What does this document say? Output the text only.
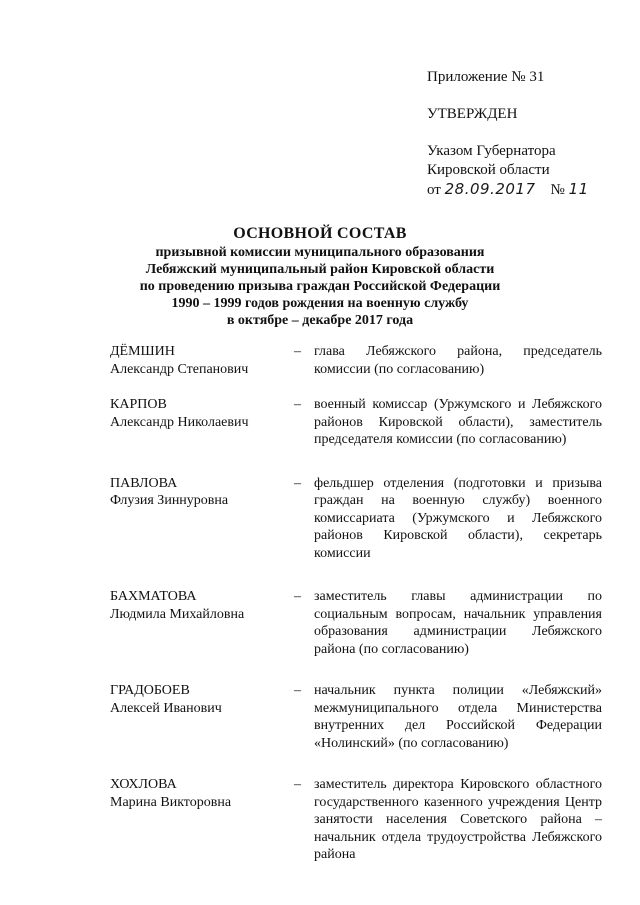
Приложение № 31
УТВЕРЖДЕН
Указом Губернатора
Кировской области
от 28.09.2017 № 11
ОСНОВНОЙ СОСТАВ
призывной комиссии муниципального образования
Лебяжский муниципальный район Кировской области
по проведению призыва граждан Российской Федерации
1990 – 1999 годов рождения на военную службу
в октябре – декабре 2017 года
ДЁМШИН
Александр Степанович
– глава Лебяжского района, председатель комиссии (по согласованию)
КАРПОВ
Александр Николаевич
– военный комиссар (Уржумского и Лебяжского районов Кировской области), заместитель председателя комиссии (по согласованию)
ПАВЛОВА
Флузия Зиннуровна
– фельдшер отделения (подготовки и призыва граждан на военную службу) военного комиссариата (Уржумского и Лебяжского районов Кировской области), секретарь комиссии
БАХМАТОВА
Людмила Михайловна
– заместитель главы администрации по социальным вопросам, начальник управления образования администрации Лебяжского района (по согласованию)
ГРАДОБОЕВ
Алексей Иванович
– начальник пункта полиции «Лебяжский» межмуниципального отдела Министерства внутренних дел Российской Федерации «Нолинский» (по согласованию)
ХОХЛОВА
Марина Викторовна
– заместитель директора Кировского областного государственного казенного учреждения Центр занятости населения Советского района – начальник отдела трудоустройства Лебяжского района
